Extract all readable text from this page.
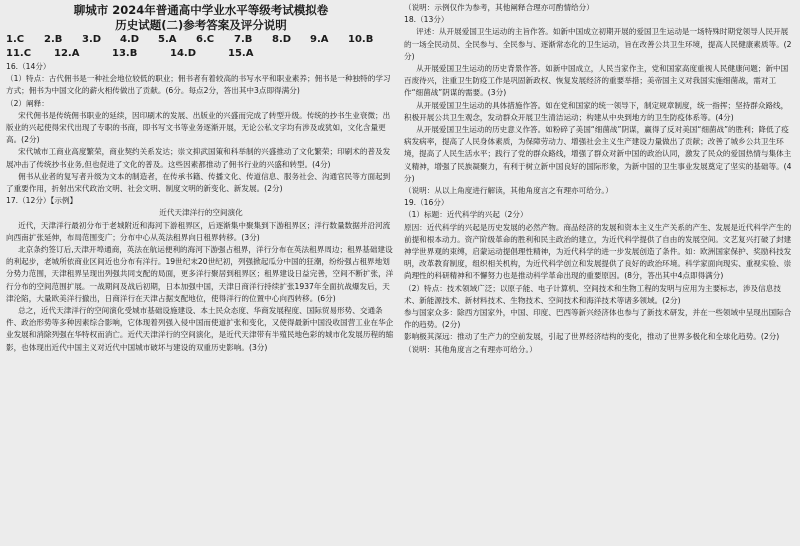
聊城市 2024年普通高中学业水平等级考试模拟卷
历史试题(二)参考答案及评分说明
1.C 2.B 3.D 4.D 5.A 6.C 7.B 8.D 9.A 10.B
11.C 12.A	13.B	14.D	15.A

16.（14分）

（1）特点：古代佣书是一种社会地位较低的职业；佣书者有着较高的书写水平和职业素养；佣书是一种独特的学习方式；佣书为中国文化的薪火相传做出了贡献。(6分。每点2分，答出其中3点即得满分)

（2）阐释：

宋代佣书是传统佣书职业的延续，因印刷术的发展、出版业的兴盛而完成了转型升级。传统的抄书生业衰微；出版业的兴起使得宋代出现了专职的书商，即书写文书等业务逐渐开展，无论公私文字均有涉及或犹如，文化含量更高。(2分)

宋代城市工商业高度繁荣，商业契约关系发达；崇文抑武国策和科举制的兴盛推动了文化繁荣；印刷术的普及发展冲击了传统抄书业务,但也促进了文化的普及。这些因素都推动了佣书行业的兴盛和转型。(4分)

佣书从业者的复写者升级为文本的制造者，在传承书籍、传播文化、传道信息、服务社会、沟通官民等方面起到了重要作用，折射出宋代政治文明、社会文明、制度文明的新变化、新发展。(2分)

17.（12分）【示例】

近代天津洋行的空间演化

近代，天津洋行最初分布于老城附近和海河下游租界区，后逐渐集中聚集到下游租界区；洋行数量数据并沿河流向西南扩张延伸，布局范围变广；分布中心从英法租界向日租界转移。(3分)

北京条约签订后,天津开埠通商，英法在航运便利的海河下游强占租界，洋行分布在英法租界周边；租界基础建设的利起步，老城所依商业区间近也分布有洋行。19世纪末20世纪初，列强掀起瓜分中国的狂潮，纷纷强占租界地划分势力范围，天津租界呈现出列强共同支配的局面，更多洋行聚居到租界区；租界建设日益完善，空间不断扩张，洋行分布的空间范围扩展。一战期间及战后初期，日本加强中国，天津日商洋行持续扩张1937年全面抗战爆发后，天津沦陷，大量欧美洋行撤出，日商洋行在天津占据支配地位，使得洋行的位置中心向西转移。(6分)

总之，近代天津洋行的空间演化受城市基础设施建设、本土民众态度、华商发展程度、国际贸易形势、交通条件、政治形势等多种因素综合影响，它体现着列强入侵中国而使道扩张和变化，又使得最新中国没收国营工业在华企业发展和消除列强在华特权而消亡。近代天津洋行的空间演化，是近代天津带有半殖民地色彩的城市化发展历程的缩影，也体现出近代中国主义对近代中国城市破坏与建设的双重历史影响。(3分)

（说明：示例仅作为参考，其他阐释合理亦可酌情给分）

18.（13分）

评述：从开展爱国卫生运动的主旨作答。如新中国成立初期开展的爱国卫生运动是一场特殊时期党领导人民开展的一场全民动员、全民参与、全民参与、逐渐常态化的卫生运动，旨在改善公共卫生环境，提高人民健康素质等。(2分)

从开展爱国卫生运动的历史背景作答。如新中国成立，人民当家作主，党和国家高度重视人民健康问题；新中国百废待兴，注重卫生防疫工作是巩固新政权、恢复发展经济的重要举措；美帝国主义对我国实施细菌战，需对工作“细菌战”阴谋的需要。(3分)

从开展爱国卫生运动的具体措施作答。如在党和国家的统一领导下，制定规章制度，统一指挥；坚持群众路线，积极开展公共卫生观念，发动群众开展卫生清洁运动；构建从中央到地方的卫生防疫体系等。(4分)

从开展爱国卫生运动的历史意义作答。如粉碎了美国“细菌战”阴谋，赢得了反对美国“细菌战”的胜利；降低了疫病发病率，提高了人民身体素质，为保障劳动力、增强社会主义生产建设力量做出了贡献；改善了城乡公共卫生环境，提高了人民生活水平；践行了党的群众路线，增强了群众对新中国的政治认同，激发了民众的爱国热情与集体主义精神，增强了民族凝聚力，有利于树立新中国良好的国际形象，为新中国的卫生事业发展奠定了坚实的基础等。(4分)

（说明：从以上角度进行解读，其他角度言之有理亦可给分。）

19.（16分）

（1）标题：近代科学的兴起（2分）

原因：近代科学的兴起是历史发展的必然产物。商品经济的发展和资本主义生产关系的产生、发展是近代科学产生的前提和根本动力。资产阶级革命的胜利和民主政治的建立，为近代科学提供了自由的发展空间。文艺复兴打破了封建神学世界观的束缚，启蒙运动提倡理性精神，为近代科学的进一步发展创造了条件。如：欧洲国家保护、奖励科技发明，改革教育制度，组织相关机构，为近代科学创立和发展提供了良好的政治环境。科学家面向现实、重视实验、崇尚理性的科研精神和不懈努力也是推动科学革命出现的重要原因。(8分，答出其中4点即得满分)

（2）特点：技术领域广泛；以原子能、电子计算机、空间技术和生物工程的发明与应用为主要标志，涉及信息技术、新能源技术、新材料技术、生物技术、空间技术和海洋技术等诸多领域。(2分)

参与国家众多：除西方国家外，中国、印度、巴西等新兴经济体也参与了新技术研发，并在一些领域中呈现出国际合作的趋势。(2分)

影响极其深远：推动了生产力的空前发展，引起了世界经济结构的变化，推动了世界多极化和全球化趋势。(2分)

（说明：其他角度言之有理亦可给分。）
